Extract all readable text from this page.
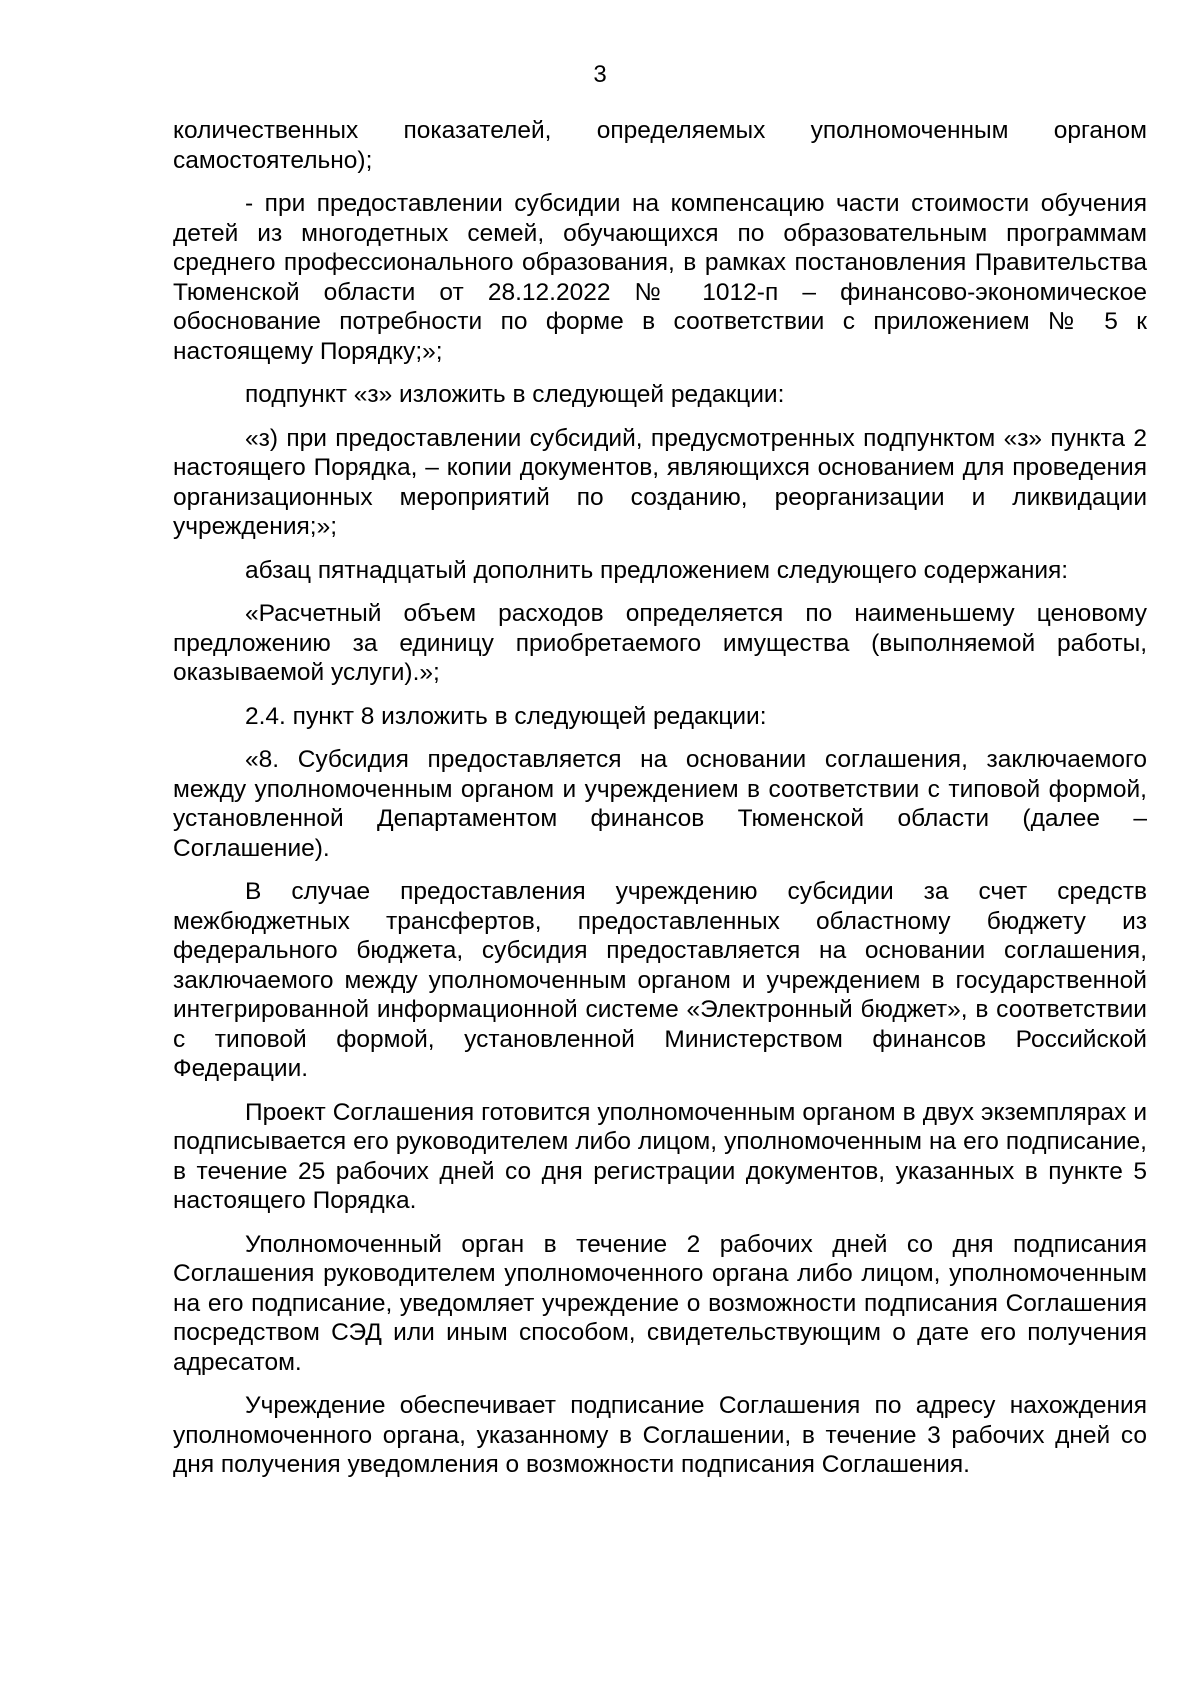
3

количественных показателей, определяемых уполномоченным органом самостоятельно);

- при предоставлении субсидии на компенсацию части стоимости обучения детей из многодетных семей, обучающихся по образовательным программам среднего профессионального образования, в рамках постановления Правительства Тюменской области от 28.12.2022 № 1012-п – финансово-экономическое обоснование потребности по форме в соответствии с приложением № 5 к настоящему Порядку;»;

подпункт «з» изложить в следующей редакции:

«з) при предоставлении субсидий, предусмотренных подпунктом «з» пункта 2 настоящего Порядка, – копии документов, являющихся основанием для проведения организационных мероприятий по созданию, реорганизации и ликвидации учреждения;»;

абзац пятнадцатый дополнить предложением следующего содержания:

«Расчетный объем расходов определяется по наименьшему ценовому предложению за единицу приобретаемого имущества (выполняемой работы, оказываемой услуги).»;

2.4. пункт 8 изложить в следующей редакции:

«8. Субсидия предоставляется на основании соглашения, заключаемого между уполномоченным органом и учреждением в соответствии с типовой формой, установленной Департаментом финансов Тюменской области (далее – Соглашение).

В случае предоставления учреждению субсидии за счет средств межбюджетных трансфертов, предоставленных областному бюджету из федерального бюджета, субсидия предоставляется на основании соглашения, заключаемого между уполномоченным органом и учреждением в государственной интегрированной информационной системе «Электронный бюджет», в соответствии с типовой формой, установленной Министерством финансов Российской Федерации.

Проект Соглашения готовится уполномоченным органом в двух экземплярах и подписывается его руководителем либо лицом, уполномоченным на его подписание, в течение 25 рабочих дней со дня регистрации документов, указанных в пункте 5 настоящего Порядка.

Уполномоченный орган в течение 2 рабочих дней со дня подписания Соглашения руководителем уполномоченного органа либо лицом, уполномоченным на его подписание, уведомляет учреждение о возможности подписания Соглашения посредством СЭД или иным способом, свидетельствующим о дате его получения адресатом.

Учреждение обеспечивает подписание Соглашения по адресу нахождения уполномоченного органа, указанному в Соглашении, в течение 3 рабочих дней со дня получения уведомления о возможности подписания Соглашения.
